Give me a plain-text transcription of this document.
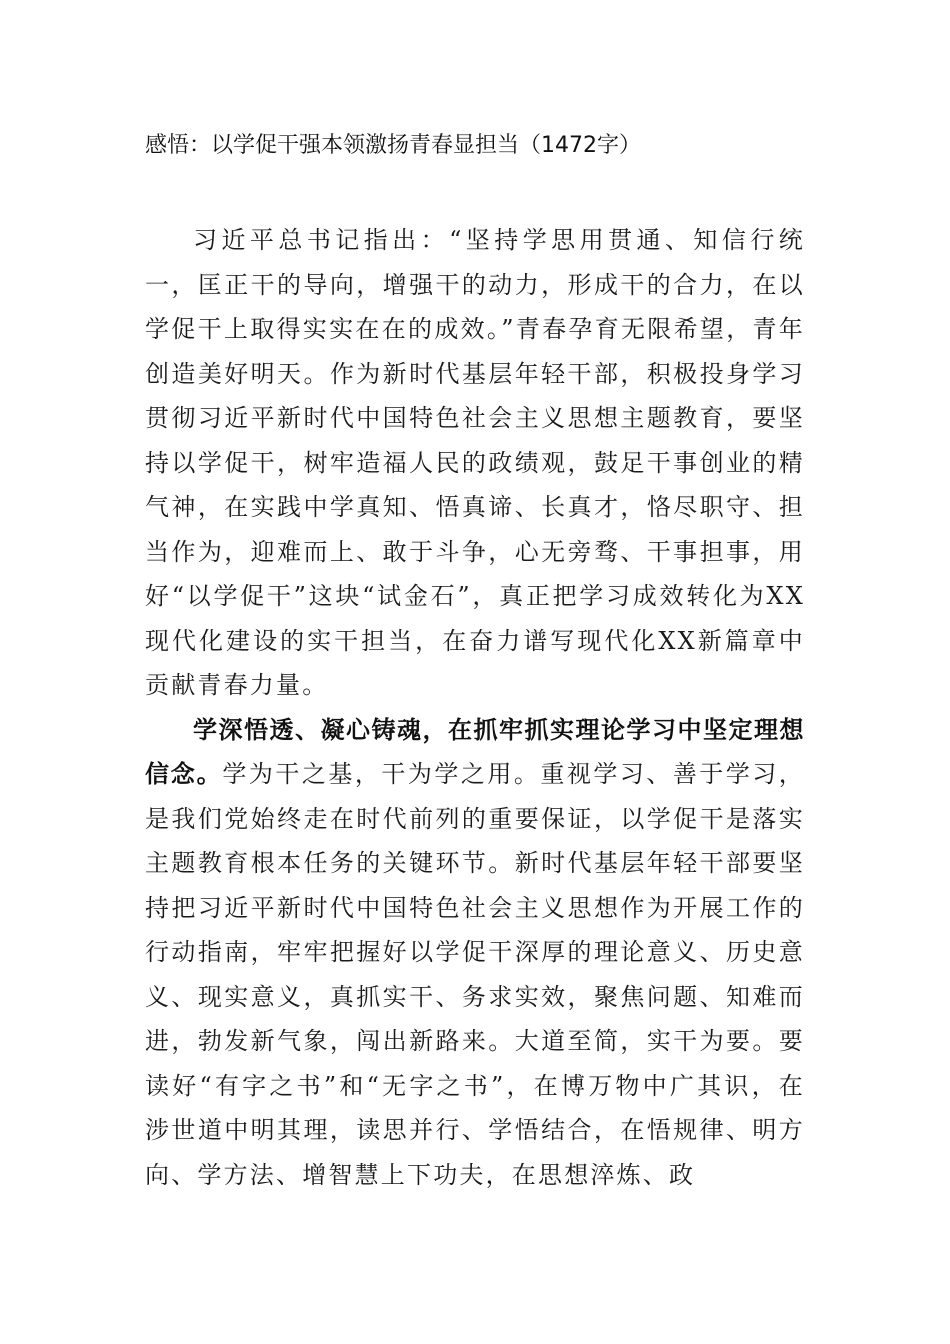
感悟：以学促干强本领激扬青春显担当（1472字）

习近平总书记指出：“坚持学思用贯通、知信行统一，匡正干的导向，增强干的动力，形成干的合力，在以学促干上取得实实在在的成效。”青春孕育无限希望，青年创造美好明天。作为新时代基层年轻干部，积极投身学习贯彻习近平新时代中国特色社会主义思想主题教育，要坚持以学促干，树牢造福人民的政绩观，鼓足干事创业的精气神，在实践中学真知、悟真谛、长真才，恪尽职守、担当作为，迎难而上、敢于斗争，心无旁骛、干事担事，用好“以学促干”这块“试金石”，真正把学习成效转化为XX现代化建设的实干担当，在奋力谱写现代化XX新篇章中贡献青春力量。

学深悟透、凝心铸魂，在抓牢抓实理论学习中坚定理想信念。学为干之基，干为学之用。重视学习、善于学习，是我们党始终走在时代前列的重要保证，以学促干是落实主题教育根本任务的关键环节。新时代基层年轻干部要坚持把习近平新时代中国特色社会主义思想作为开展工作的行动指南，牢牢把握好以学促干深厚的理论意义、历史意义、现实意义，真抓实干、务求实效，聚焦问题、知难而进，勃发新气象，闯出新路来。大道至简，实干为要。要读好“有字之书”和“无字之书”，在博万物中广其识，在涉世道中明其理，读思并行、学悟结合，在悟规律、明方向、学方法、增智慧上下功夫，在思想淬炼、政
